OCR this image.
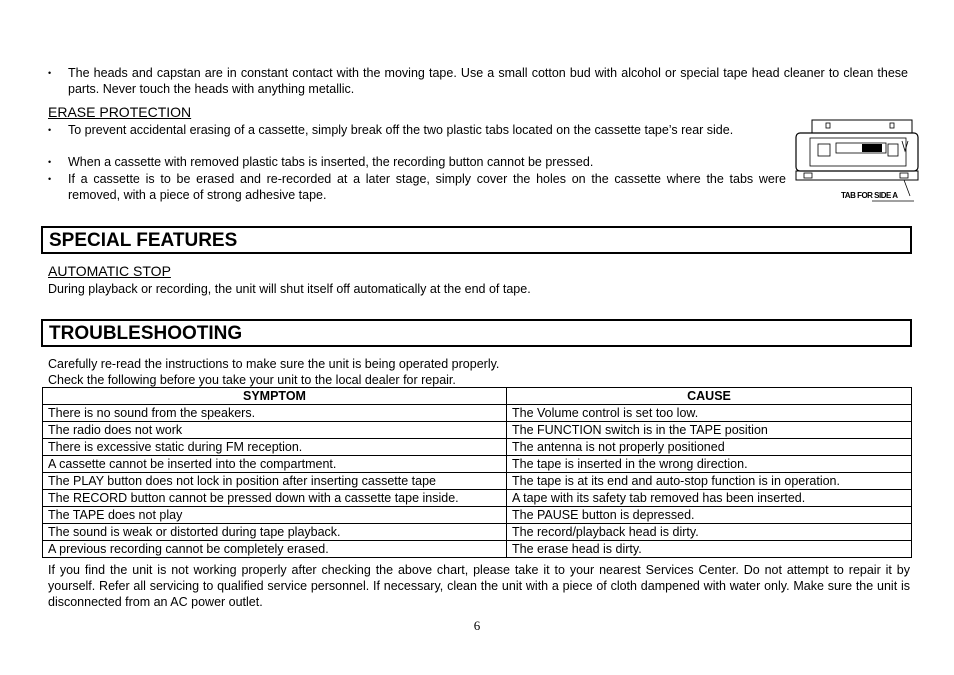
• The heads and capstan are in constant contact with the moving tape. Use a small cotton bud with alcohol or special tape head cleaner to clean these parts. Never touch the heads with anything metallic.
ERASE PROTECTION
• To prevent accidental erasing of a cassette, simply break off the two plastic tabs located on the cassette tape’s rear side.
• When a cassette with removed plastic tabs is inserted, the recording button cannot be pressed.
• If a cassette is to be erased and re-recorded at a later stage, simply cover the holes on the cassette where the tabs were removed, with a piece of strong adhesive tape.	TAB FOR SIDE A
SPECIAL FEATURES
AUTOMATIC STOP
During playback or recording, the unit will shut itself off automatically at the end of tape.
TROUBLESHOOTING
Carefully re-read the instructions to make sure the unit is being operated properly.
Check the following before you take your unit to the local dealer for repair.
SYMPTOM	CAUSE
There is no sound from the speakers.	The Volume control is set too low.
The radio does not work	The FUNCTION switch is in the TAPE position
There is excessive static during FM reception.	The antenna is not properly positioned
A cassette cannot be inserted into the compartment.	The tape is inserted in the wrong direction.
The PLAY button does not lock in position after inserting cassette tape	The tape is at its end and auto-stop function is in operation.
The RECORD button cannot be pressed down with a cassette tape inside.	A tape with its safety tab removed has been inserted.
The TAPE does not play	The PAUSE button is depressed.
The sound is weak or distorted during tape playback.	The record/playback head is dirty.
A previous recording cannot be completely erased.	The erase head is dirty.
If you find the unit is not working properly after checking the above chart, please take it to your nearest Services Center. Do not attempt to repair it by yourself. Refer all servicing to qualified service personnel. If necessary, clean the unit with a piece of cloth dampened with water only. Make sure the unit is disconnected from an AC power outlet.
6
